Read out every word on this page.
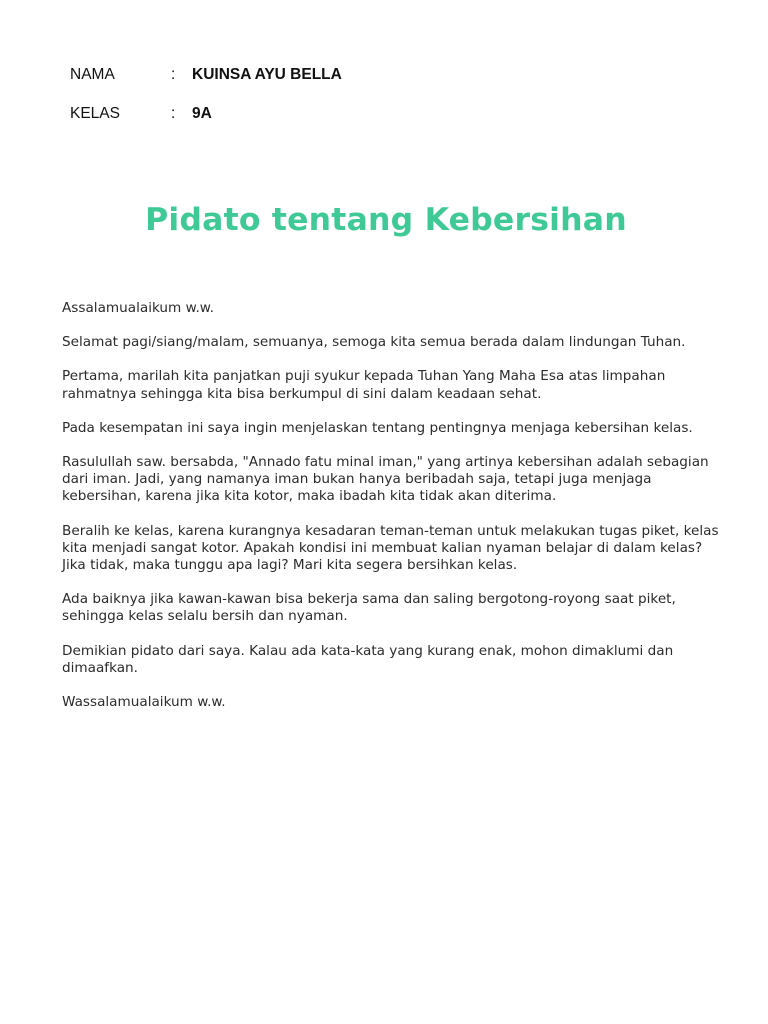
NAMA	:	KUINSA AYU BELLA
KELAS	:	9A
Pidato tentang Kebersihan

Assalamualaikum w.w.

Selamat pagi/siang/malam, semuanya, semoga kita semua berada dalam lindungan Tuhan.

Pertama, marilah kita panjatkan puji syukur kepada Tuhan Yang Maha Esa atas limpahan rahmatnya sehingga kita bisa berkumpul di sini dalam keadaan sehat.

Pada kesempatan ini saya ingin menjelaskan tentang pentingnya menjaga kebersihan kelas.

Rasulullah saw. bersabda, "Annado fatu minal iman," yang artinya kebersihan adalah sebagian dari iman. Jadi, yang namanya iman bukan hanya beribadah saja, tetapi juga menjaga kebersihan, karena jika kita kotor, maka ibadah kita tidak akan diterima.

Beralih ke kelas, karena kurangnya kesadaran teman-teman untuk melakukan tugas piket, kelas kita menjadi sangat kotor. Apakah kondisi ini membuat kalian nyaman belajar di dalam kelas? Jika tidak, maka tunggu apa lagi? Mari kita segera bersihkan kelas.

Ada baiknya jika kawan-kawan bisa bekerja sama dan saling bergotong-royong saat piket, sehingga kelas selalu bersih dan nyaman.

Demikian pidato dari saya. Kalau ada kata-kata yang kurang enak, mohon dimaklumi dan dimaafkan.

Wassalamualaikum w.w.
